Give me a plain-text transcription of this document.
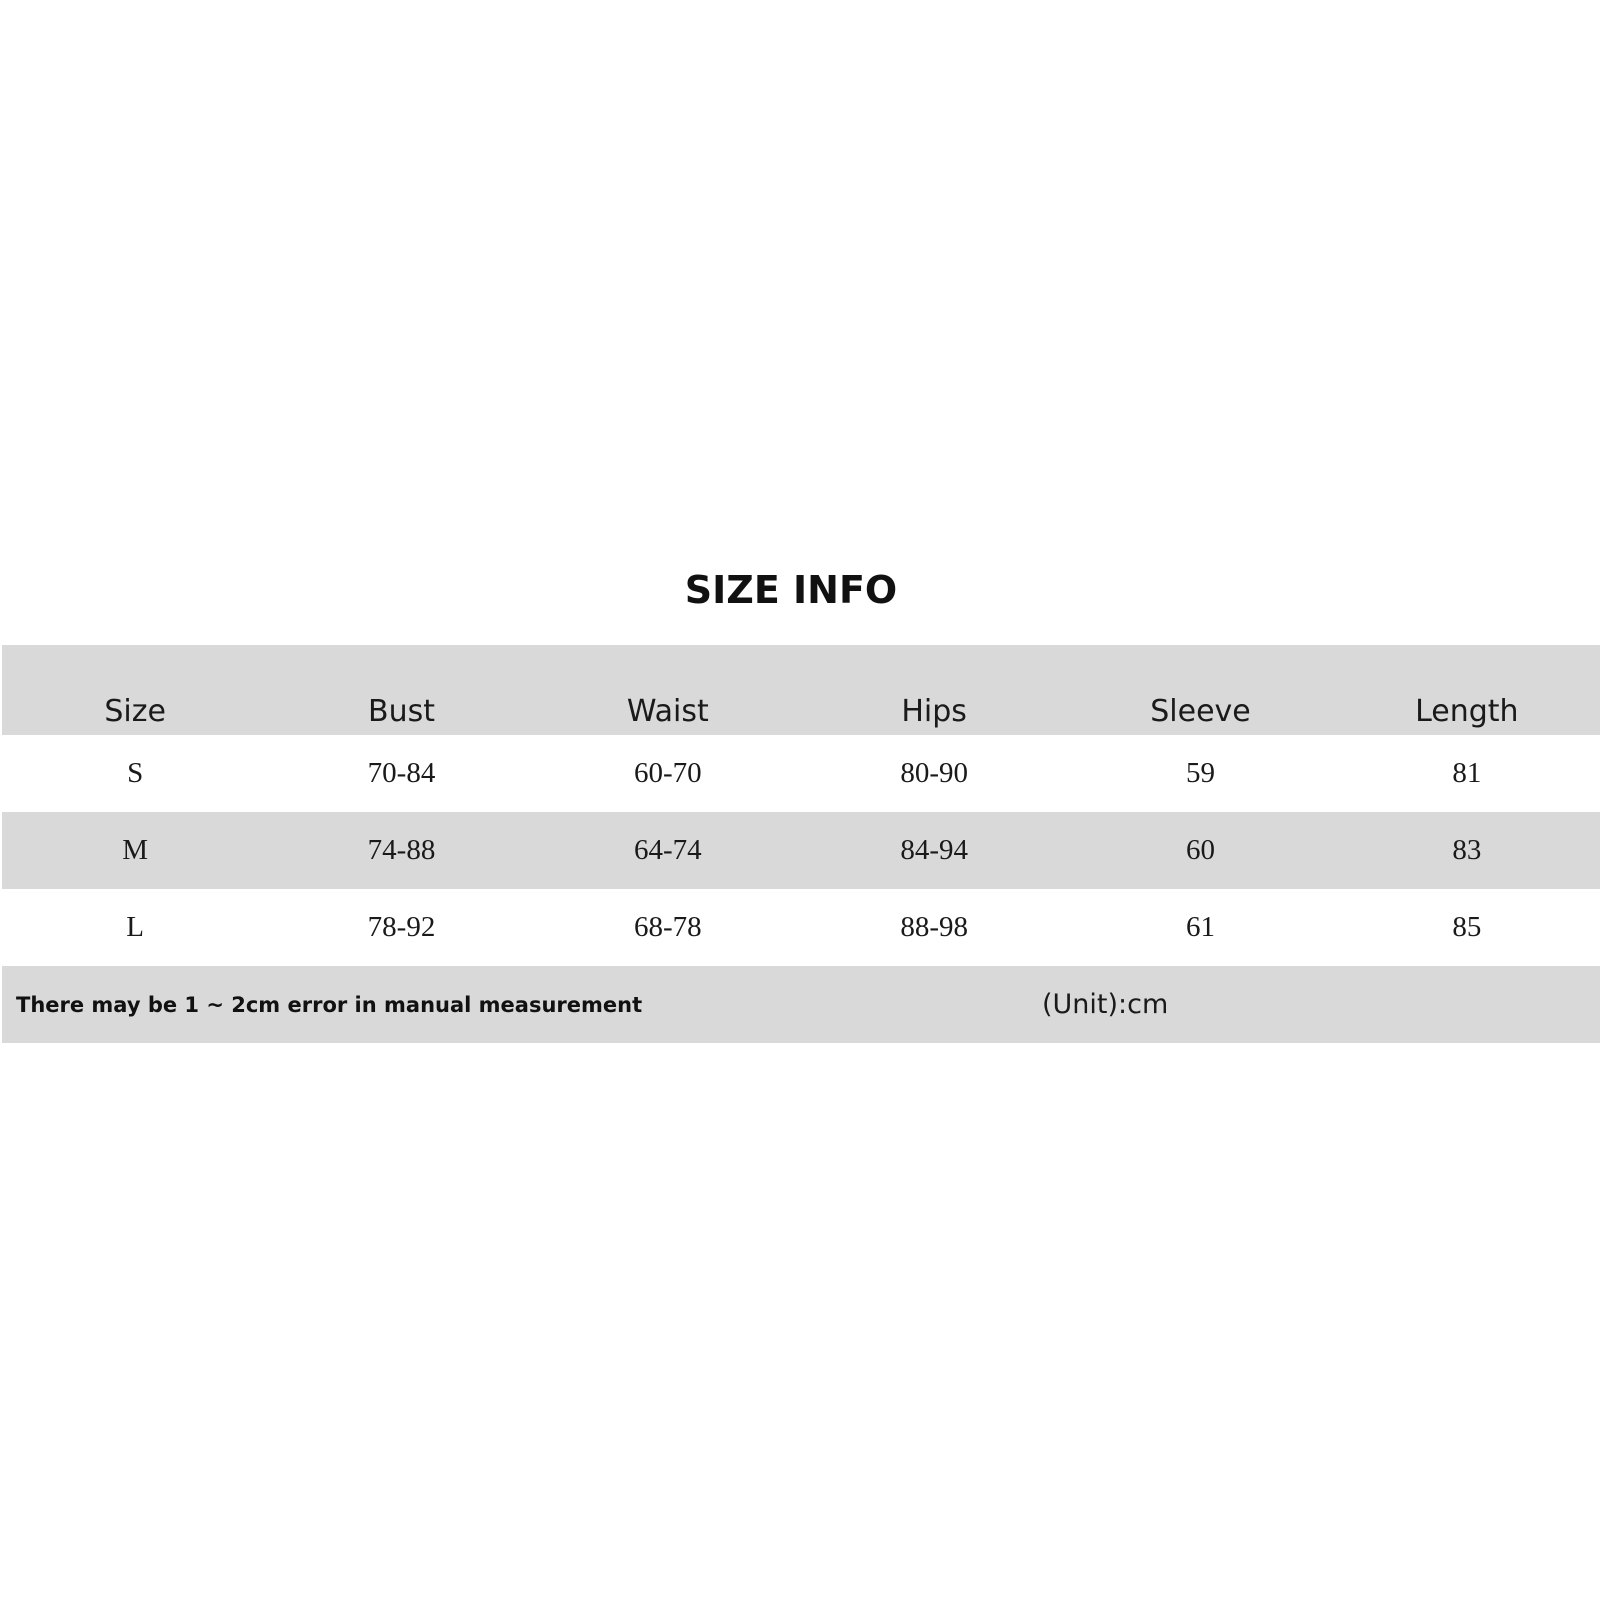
SIZE INFO
Size	Bust	Waist	Hips	Sleeve	Length
S	70-84	60-70	80-90	59	81
M	74-88	64-74	84-94	60	83
L	78-92	68-78	88-98	61	85
There may be 1 ~ 2cm error in manual measurement	(Unit):cm
